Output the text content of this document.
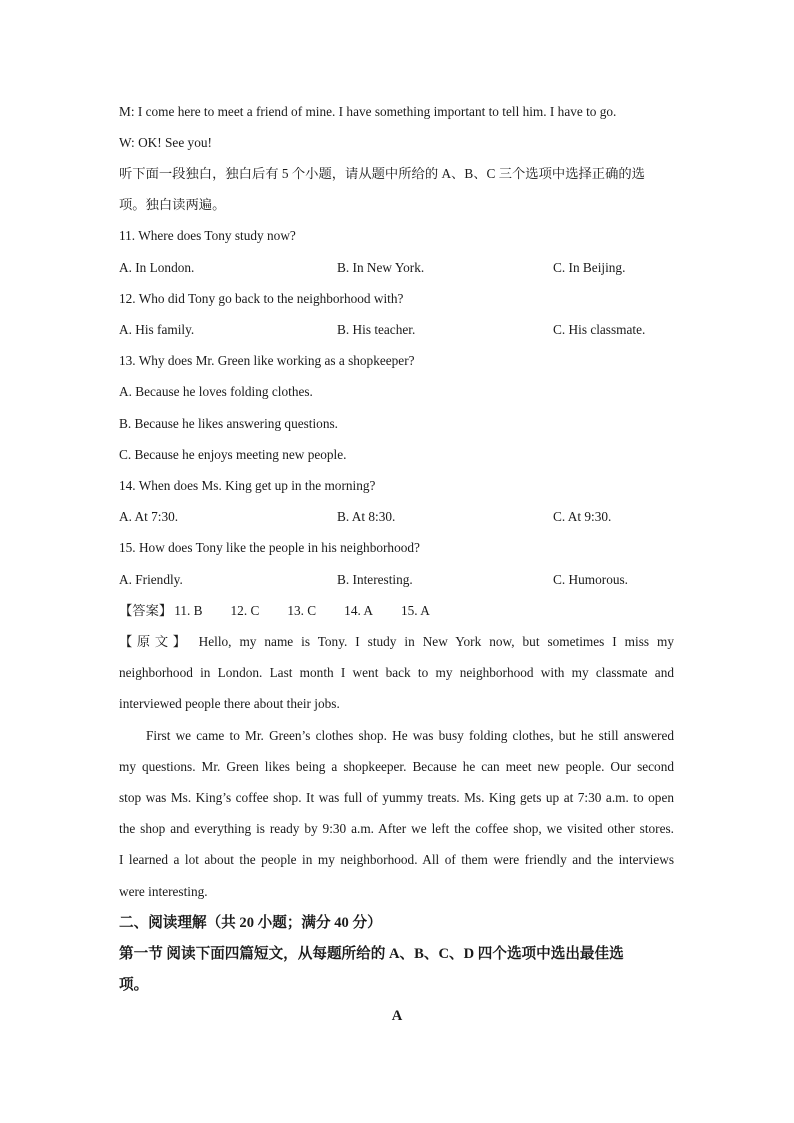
M: I come here to meet a friend of mine. I have something important to tell him. I have to go.
W: OK! See you!
听下面一段独白，独白后有 5 个小题，请从题中所给的 A、B、C 三个选项中选择正确的选
项。独白读两遍。
11. Where does Tony study now?
A. In London.	B. In New York.	C. In Beijing.
12. Who did Tony go back to the neighborhood with?
A. His family.	B. His teacher.	C. His classmate.
13. Why does Mr. Green like working as a shopkeeper?
A. Because he loves folding clothes.
B. Because he likes answering questions.
C. Because he enjoys meeting new people.
14. When does Ms. King get up in the morning?
A. At 7:30.	B. At 8:30.	C. At 9:30.
15. How does Tony like the people in his neighborhood?
A. Friendly.	B. Interesting.	C. Humorous.
【答案】 11. B 12. C 13. C 14. A 15. A
【原文】 Hello, my name is Tony. I study in New York now, but sometimes I miss my
neighborhood in London. Last month I went back to my neighborhood with my classmate and
interviewed people there about their jobs.
First we came to Mr. Green’s clothes shop. He was busy folding clothes, but he still answered
my questions. Mr. Green likes being a shopkeeper. Because he can meet new people. Our second
stop was Ms. King’s coffee shop. It was full of yummy treats. Ms. King gets up at 7:30 a.m. to open
the shop and everything is ready by 9:30 a.m. After we left the coffee shop, we visited other stores.
I learned a lot about the people in my neighborhood. All of them were friendly and the interviews
were interesting.
二、阅读理解（共 20 小题；满分 40 分）
第一节 阅读下面四篇短文，从每题所给的 A、B、C、D 四个选项中选出最佳选
项。
A
